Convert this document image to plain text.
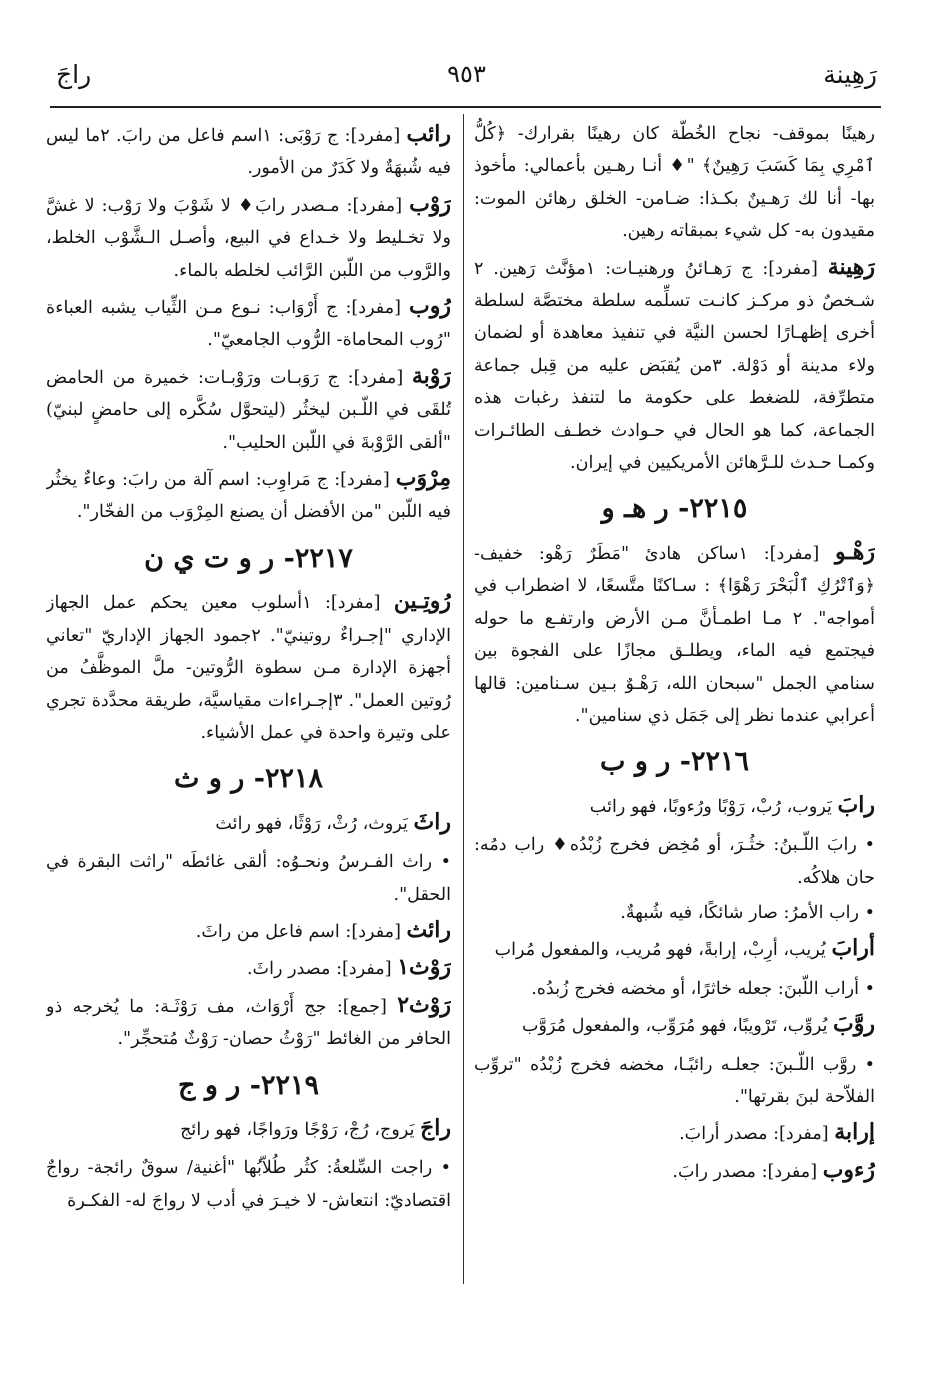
رَهِينة
٩٥٣
راجَ
رهينًا بموقف- نجاح الخُطّة كان رهينًا بقرارك- ﴿كُلُّ ٱمْرِي بِمَا كَسَبَ رَهِينٌ﴾ "♦ أنـا رهـين بأعمالي: مأخوذ بها- أنا لك رَهـينٌ بكـذا: ضـامن- الخلق رهائن الموت: مقيدون به- كل شيء بمبقاته رهين.
رَهِينة [مفرد]: ج رَهـائنُ ورهنيـات: ١مؤنَّث رَهين. ٢ شـخصٌ ذو مركـز كانـت تسلِّمه سلطة مختصَّة لسلطة أخرى إظهـارًا لحسن النيَّة في تنفيذ معاهدة أو لضمان ولاء مدينة أو دَوْلة. ٣من يُقبَض عليه من قِبل جماعة متطرِّفة، للضغط على حكومة ما لتنفذ رغبات هذه الجماعة، كما هو الحال في حـوادث خطـف الطائـرات وكمـا حـدث للـرَّهائن الأمريكيين في إيران.
٢٢١٥- ر هـ و
رَهْـو [مفرد]: ١ساكن هادئ "مَطَرٌ رَهْو: خفيف- ﴿وَٱتْرُكِ ٱلْبَحْرَ رَهْوًا﴾ : سـاكنًا متَّسعًا، لا اضطراب في أمواجه". ٢ مـا اطمـأنَّ مـن الأرض وارتفـع ما حوله فيجتمع فيه الماء، ويطلـق مجازًا على الفجوة بين سنامي الجمل "سبحان الله، رَهْـوٌ بـين سـنامين: قالها أعرابي عندما نظر إلى جَمَل ذي سنامين".
٢٢١٦- ر و ب
رابَ يَروب، رُبْ، رَوْبًا ورُءوبًا، فهو رائب
• رابَ اللّـبنُ: خثُـرَ، أو مُخِض فخرج زُبْدُه♦ راب دمُه: حان هلاكُه.
• راب الأمرُ: صار شائكًا، فيه شُبهةٌ.
أرابَ يُريب، أرِبْ، إرابةً، فهو مُريب، والمفعول مُراب
• أراب اللّبنَ: جعله خاثرًا، أو مخضه فخرج زُبدُه.
روَّبَ يُروِّب، تَرْويبًا، فهو مُرَوِّب، والمفعول مُرَوَّب
• روَّب اللّـبنَ: جعلـه رائبًـا، مخضه فخرج زُبْدُه "تروِّب الفلاّحة لبنَ بقرتها".
إرابة [مفرد]: مصدر أرابَ.
رُءوب [مفرد]: مصدر رابَ.
رائب [مفرد]: ج رَوْبَى: ١اسم فاعل من رابَ. ٢ما ليس فيه شُبهَةٌ ولا كَدَرٌ من الأمور.
رَوْب [مفرد]: مـصدر رابَ♦ لا شَوْبَ ولا رَوْب: لا غشَّ ولا تخـليط ولا خـداع في البيع، وأصـل الـشَّوْب الخلط، والرَّوب من اللّبن الرَّائب لخلطه بالماء.
رُوب [مفرد]: ج أَرْوَاب: نـوع مـن الثِّياب يشبه العباءة "رُوب المحاماة- الرُّوب الجامعيّ".
رَوْبة [مفرد]: ج رَوَبـات ورَوْبـات: خميرة من الحامض تُلقَى في اللّـبن ليخثُر (ليتحوَّل سُكَّره إلى حامضٍ لبنيّ) "ألقى الرَّوْبةَ في اللّبن الحليب".
مِرْوَب [مفرد]: ج مَراوِب: اسم آلة من رابَ: وعاءٌ يخثُر فيه اللّبن "من الأفضل أن يصنع المِرْوَب من الفخّار".
٢٢١٧- ر و ت ي ن
رُوتِـين [مفرد]: ١أسلوب معين يحكم عمل الجهاز الإداري "إجـراءٌ روتينيّ". ٢جمود الجهاز الإداريّ "تعاني أجهزة الإدارة مـن سطوة الرُّوتين- ملَّ الموظَّفُ من رُوتين العمل". ٣إجـراءات مقياسيَّة، طريقة محدَّدة تجري على وتيرة واحدة في عمل الأشياء.
٢٢١٨- ر و ث
راثَ يَروث، رُثْ، رَوْثًا، فهو رائث
• راث الفـرسُ ونحـوُه: ألقى غائطَه "راثت البقرة في الحقل".
رائث [مفرد]: اسم فاعل من راثَ.
رَوْث١ [مفرد]: مصدر راثَ.
رَوْث٢ [جمع]: جج أَرْوَاث، مف رَوْثَـة: ما يُخرجه ذو الحافر من الغائط "رَوْثُ حصان- رَوْثٌ مُتحجِّر".
٢٢١٩- ر و ج
راجَ يَروج، رُجْ، رَوْجًا ورَواجًا، فهو رائج
• راجت السِّلعةُ: كثُر طُلاّبُها "أغنية/ سوقٌ رائجة- رواجٌ اقتصاديّ: انتعاش- لا خيـرَ في أدب لا رواجَ له- الفكـرة
